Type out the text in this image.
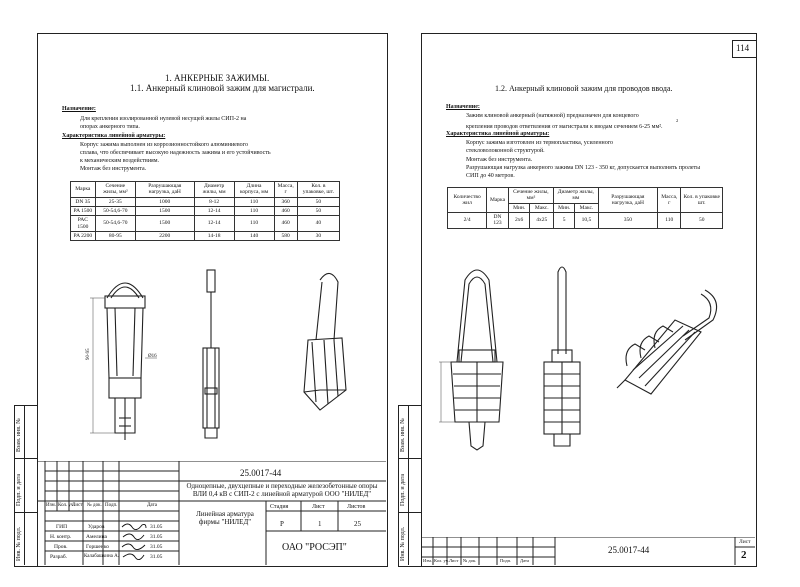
1. АНКЕРНЫЕ ЗАЖИМЫ.
1.1. Анкерный клиновой зажим для магистрали.
Назначение:
Для крепления изолированной нулевой несущей жилы СИП-2 на
опорах анкерного типа.
Характеристика линейной арматуры:
Корпус зажима выполнен из коррозионностойкого алюминиевого
сплава, что обеспечивает высокую надежность зажима и его устойчивость
к механическим воздействиям.
Монтаж без инструмента.
Марка	Сечение жилы, мм²	Разрушающая нагрузка, даН	Диаметр жилы, мм	Длина корпуса, мм	Масса, г	Кол. в упаковке, шт.
DN 35	25-35	1000	8-12	110	360	50
PA 1500	50-54,6-70	1500	12-14	110	460	50
PAC 1500	50-54,6-70	1500	12-14	110	460	40
PA 2200	80-95	2200	14-18	140	580	30
90-95	Ø16
Взам. инв. №
Подп. и дата
Инв. № подл.
25.0017-44
Одноцепные, двухцепные и переходные железобетонные опоры ВЛИ 0,4 кВ с СИП-2 с линейной арматурой ООО "НИЛЕД"
Линейная арматура фирмы "НИЛЕД"
Стадия	Лист	Листов
Р	1	25
ОАО "РОСЭП"
Изм. Кол. уч.
Лист № док. Подп.	Дата
ГИП	Ударов	31.05
Н. контр.	Амелина	31.05
Пров.	Горшенко	31.05
Разраб.	Калабашкина А.	31.05
114
1.2. Анкерный клиновой зажим для проводов ввода.
Назначение:
Зажим клиновой анкерный (натяжной) предназначен для концевого
крепления проводов ответвления от магистрали к вводам сечением 6-25 мм².
2
Характеристика линейной арматуры:
Корпус зажима изготовлен из термопластика, усиленного
стекловолоконной структурой.
Монтаж без инструмента.
Разрушающая нагрузка анкерного зажима DN 123 - 350 кг, допускается выполнять пролеты
СИП до 40 метров.
Количество жил	Марка	Сечение жилы, мм²		Диаметр жилы, мм		Разрушающая нагрузка, даН	Масса, г	Кол. в упаковке шт.
		Мин.	Макс.	Мин.	Макс.			
2/4	DN 123	2x6	4x25	5	10,5	350	110	50
Взам. инв. №
Подп. и дата
Инв. № подл.	25.0017-44
Лист
2
Изм. Кол. уч. Лист № док.	Подп. Дата
